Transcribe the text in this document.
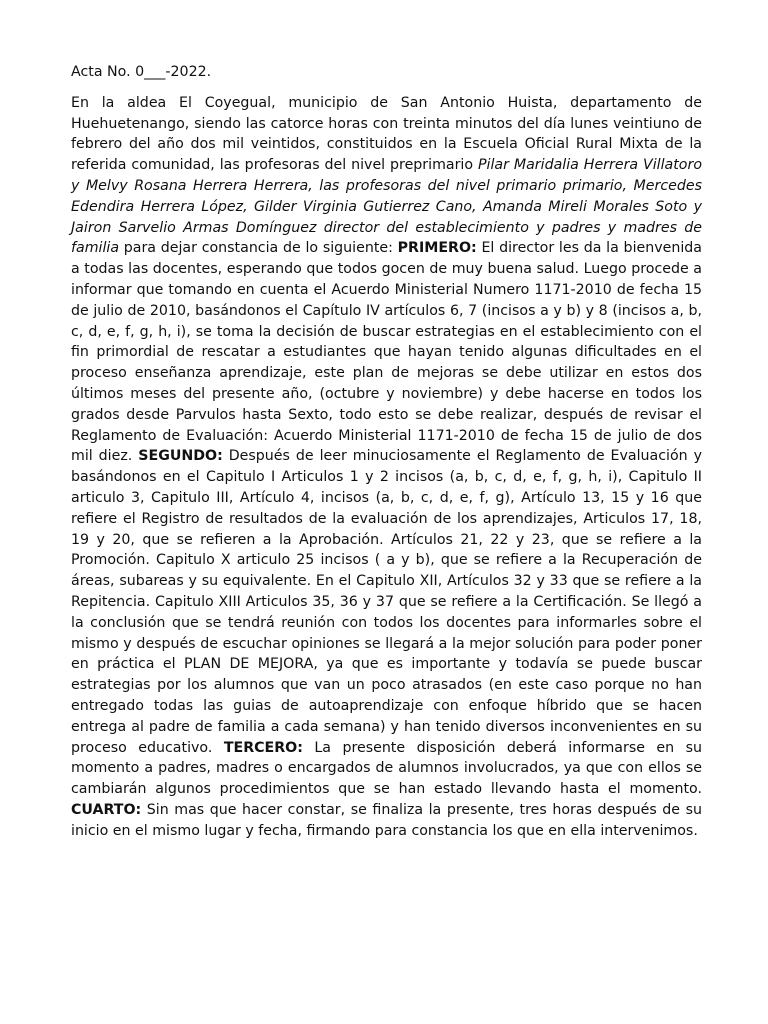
Acta No. 0___-2022.

En la aldea El Coyegual, municipio de San Antonio Huista, departamento de Huehuetenango, siendo las catorce horas con treinta minutos del día lunes veintiuno de febrero del año dos mil veintidos, constituidos en la Escuela Oficial Rural Mixta de la referida comunidad, las profesoras del nivel preprimario Pilar Maridalia Herrera Villatoro y Melvy Rosana Herrera Herrera, las profesoras del nivel primario primario, Mercedes Edendira Herrera López, Gilder Virginia Gutierrez Cano, Amanda Mireli Morales Soto y Jairon Sarvelio Armas Domínguez director del establecimiento y padres y madres de familia para dejar constancia de lo siguiente: PRIMERO: El director les da la bienvenida a todas las docentes, esperando que todos gocen de muy buena salud. Luego procede a informar que tomando en cuenta el Acuerdo Ministerial Numero 1171-2010 de fecha 15 de julio de 2010, basándonos el Capítulo IV artículos 6, 7 (incisos a y b) y 8 (incisos a, b, c, d, e, f, g, h, i), se toma la decisión de buscar estrategias en el establecimiento con el fin primordial de rescatar a estudiantes que hayan tenido algunas dificultades en el proceso enseñanza aprendizaje, este plan de mejoras se debe utilizar en estos dos últimos meses del presente año, (octubre y noviembre) y debe hacerse en todos los grados desde Parvulos hasta Sexto, todo esto se debe realizar, después de revisar el Reglamento de Evaluación: Acuerdo Ministerial 1171-2010 de fecha 15 de julio de dos mil diez. SEGUNDO: Después de leer minuciosamente el Reglamento de Evaluación y basándonos en el Capitulo I Articulos 1 y 2 incisos (a, b, c, d, e, f, g, h, i), Capitulo II articulo 3, Capitulo III, Artículo 4, incisos (a, b, c, d, e, f, g), Artículo 13, 15 y 16 que refiere el Registro de resultados de la evaluación de los aprendizajes, Articulos 17, 18, 19 y 20, que se refieren a la Aprobación. Artículos 21, 22 y 23, que se refiere a la Promoción. Capitulo X articulo 25 incisos ( a y b), que se refiere a la Recuperación de áreas, subareas y su equivalente. En el Capitulo XII, Artículos 32 y 33 que se refiere a la Repitencia. Capitulo XIII Articulos 35, 36 y 37 que se refiere a la Certificación. Se llegó a la conclusión que se tendrá reunión con todos los docentes para informarles sobre el mismo y después de escuchar opiniones se llegará a la mejor solución para poder poner en práctica el PLAN DE MEJORA, ya que es importante y todavía se puede buscar estrategias por los alumnos que van un poco atrasados (en este caso porque no han entregado todas las guias de autoaprendizaje con enfoque híbrido que se hacen entrega al padre de familia a cada semana) y han tenido diversos inconvenientes en su proceso educativo. TERCERO: La presente disposición deberá informarse en su momento a padres, madres o encargados de alumnos involucrados, ya que con ellos se cambiarán algunos procedimientos que se han estado llevando hasta el momento. CUARTO: Sin mas que hacer constar, se finaliza la presente, tres horas después de su inicio en el mismo lugar y fecha, firmando para constancia los que en ella intervenimos.
